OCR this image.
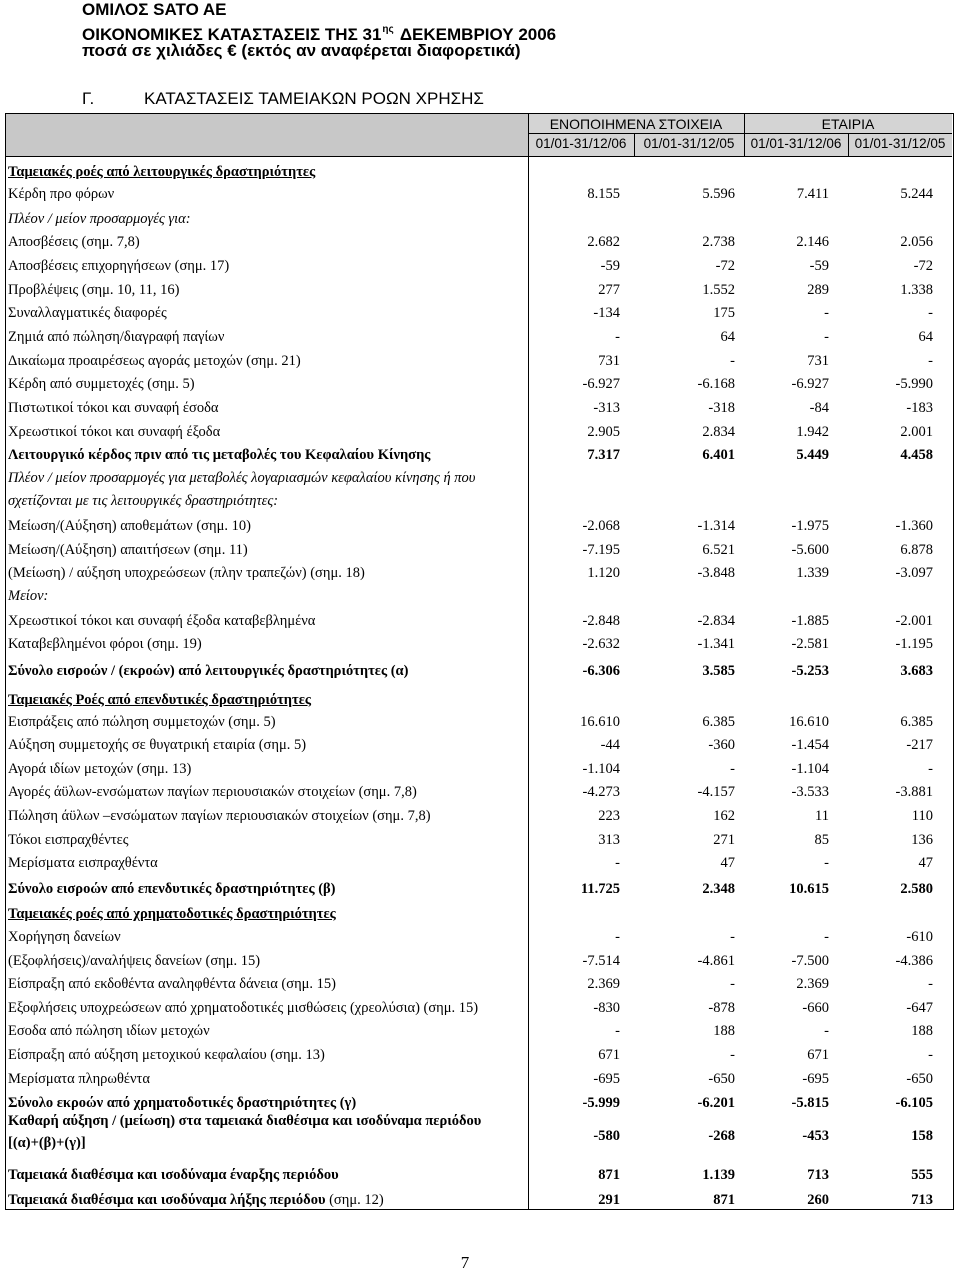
ΟΜΙΛΟΣ SATO AE
ΟΙΚΟΝΟΜΙΚΕΣ ΚΑΤΑΣΤΑΣΕΙΣ ΤΗΣ $31^{\eta\varsigma}$ ΔΕΚΕΜΒΡΙΟΥ 2006
ποσά σε χιλιάδες € (εκτός αν αναφέρεται διαφορετικά)
Γ.	ΚΑΤΑΣΤΑΣΕΙΣ ΤΑΜΕΙΑΚΩΝ ΡΟΩΝ ΧΡΗΣΗΣ
ΕΝΟΠΟΙΗΜΕΝΑ ΣΤΟΙΧΕΙΑ	ΕΤΑΙΡΙΑ
01/01-31/12/06	01/01-31/12/05	01/01-31/12/06 01/01-31/12/05
Ταμειακές ροές από λειτουργικές δραστηριότητες
Κέρδη προ φόρων	8.155	5.596	7.411	5.244
Πλέον / μείον προσαρμογές για:
Αποσβέσεις (σημ. 7,8)	2.682	2.738	2.146	2.056
Αποσβέσεις επιχορηγήσεων (σημ. 17)	-59	-72	-59	-72
Προβλέψεις (σημ. 10, 11, 16)	277	1.552	289	1.338
Συναλλαγματικές διαφορές	-134	175	-	-
Ζημιά από πώληση/διαγραφή παγίων	-	64	-	64
Δικαίωμα προαιρέσεως αγοράς μετοχών (σημ. 21)	731	-	731	-
Κέρδη από συμμετοχές (σημ. 5)	-6.927	-6.168	-6.927	-5.990
Πιστωτικοί τόκοι και συναφή έσοδα	-313	-318	-84	-183
Χρεωστικοί τόκοι και συναφή έξοδα	2.905	2.834	1.942	2.001
Λειτουργικό κέρδος πριν από τις μεταβολές του Κεφαλαίου Κίνησης	7.317	6.401	5.449	4.458
Πλέον / μείον προσαρμογές για μεταβολές λογαριασμών κεφαλαίου κίνησης ή που
σχετίζονται με τις λειτουργικές δραστηριότητες:
Μείωση/(Αύξηση) αποθεμάτων (σημ. 10)	-2.068	-1.314	-1.975	-1.360
Μείωση/(Αύξηση) απαιτήσεων (σημ. 11)	-7.195	6.521	-5.600	6.878
(Μείωση) / αύξηση υποχρεώσεων (πλην τραπεζών) (σημ. 18)	1.120	-3.848	1.339	-3.097
Μείον:
Χρεωστικοί τόκοι και συναφή έξοδα καταβεβλημένα	-2.848	-2.834	-1.885	-2.001
Καταβεβλημένοι φόροι (σημ. 19)	-2.632	-1.341	-2.581	-1.195
Σύνολο εισροών / (εκροών) από λειτουργικές δραστηριότητες (α)	-6.306	3.585	-5.253	3.683
Ταμειακές Ροές από επενδυτικές δραστηριότητες
Εισπράξεις από πώληση συμμετοχών (σημ. 5)	16.610	6.385	16.610	6.385
Αύξηση συμμετοχής σε θυγατρική εταιρία (σημ. 5)	-44	-360	-1.454	-217
Αγορά ιδίων μετοχών (σημ. 13)	-1.104	-	-1.104	-
Αγορές άϋλων-ενσώματων παγίων περιουσιακών στοιχείων (σημ. 7,8)	-4.273	-4.157	-3.533	-3.881
Πώληση άϋλων –ενσώματων παγίων περιουσιακών στοιχείων (σημ. 7,8)	223	162	11	110
Τόκοι εισπραχθέντες	313	271	85	136
Μερίσματα εισπραχθέντα	-	47	-	47
Σύνολο εισροών από επενδυτικές δραστηριότητες (β)	11.725	2.348	10.615	2.580
Ταμειακές ροές από χρηματοδοτικές δραστηριότητες
Χορήγηση δανείων	-	-	-	-610
(Εξοφλήσεις)/αναλήψεις δανείων (σημ. 15)	-7.514	-4.861	-7.500	-4.386
Είσπραξη από εκδοθέντα αναληφθέντα δάνεια (σημ. 15)	2.369	-	2.369	-
Εξοφλήσεις υποχρεώσεων από χρηματοδοτικές μισθώσεις (χρεολύσια) (σημ. 15)	-830	-878	-660	-647
Εσοδα από πώληση ιδίων μετοχών	-	188	-	188
Είσπραξη από αύξηση μετοχικού κεφαλαίου (σημ. 13)	671	-	671	-
Μερίσματα πληρωθέντα	-695	-650	-695	-650
Σύνολο εκροών από χρηματοδοτικές δραστηριότητες (γ)	-5.999	-6.201	-5.815	-6.105
Καθαρή αύξηση / (μείωση) στα ταμειακά διαθέσιμα και ισοδύναμα περιόδου
[(α)+(β)+(γ)]	-580	-268	-453	158
Ταμειακά διαθέσιμα και ισοδύναμα έναρξης περιόδου	871	1.139	713	555
Ταμειακά διαθέσιμα και ισοδύναμα λήξης περιόδου (σημ. 12)	291	871	260	713
7
